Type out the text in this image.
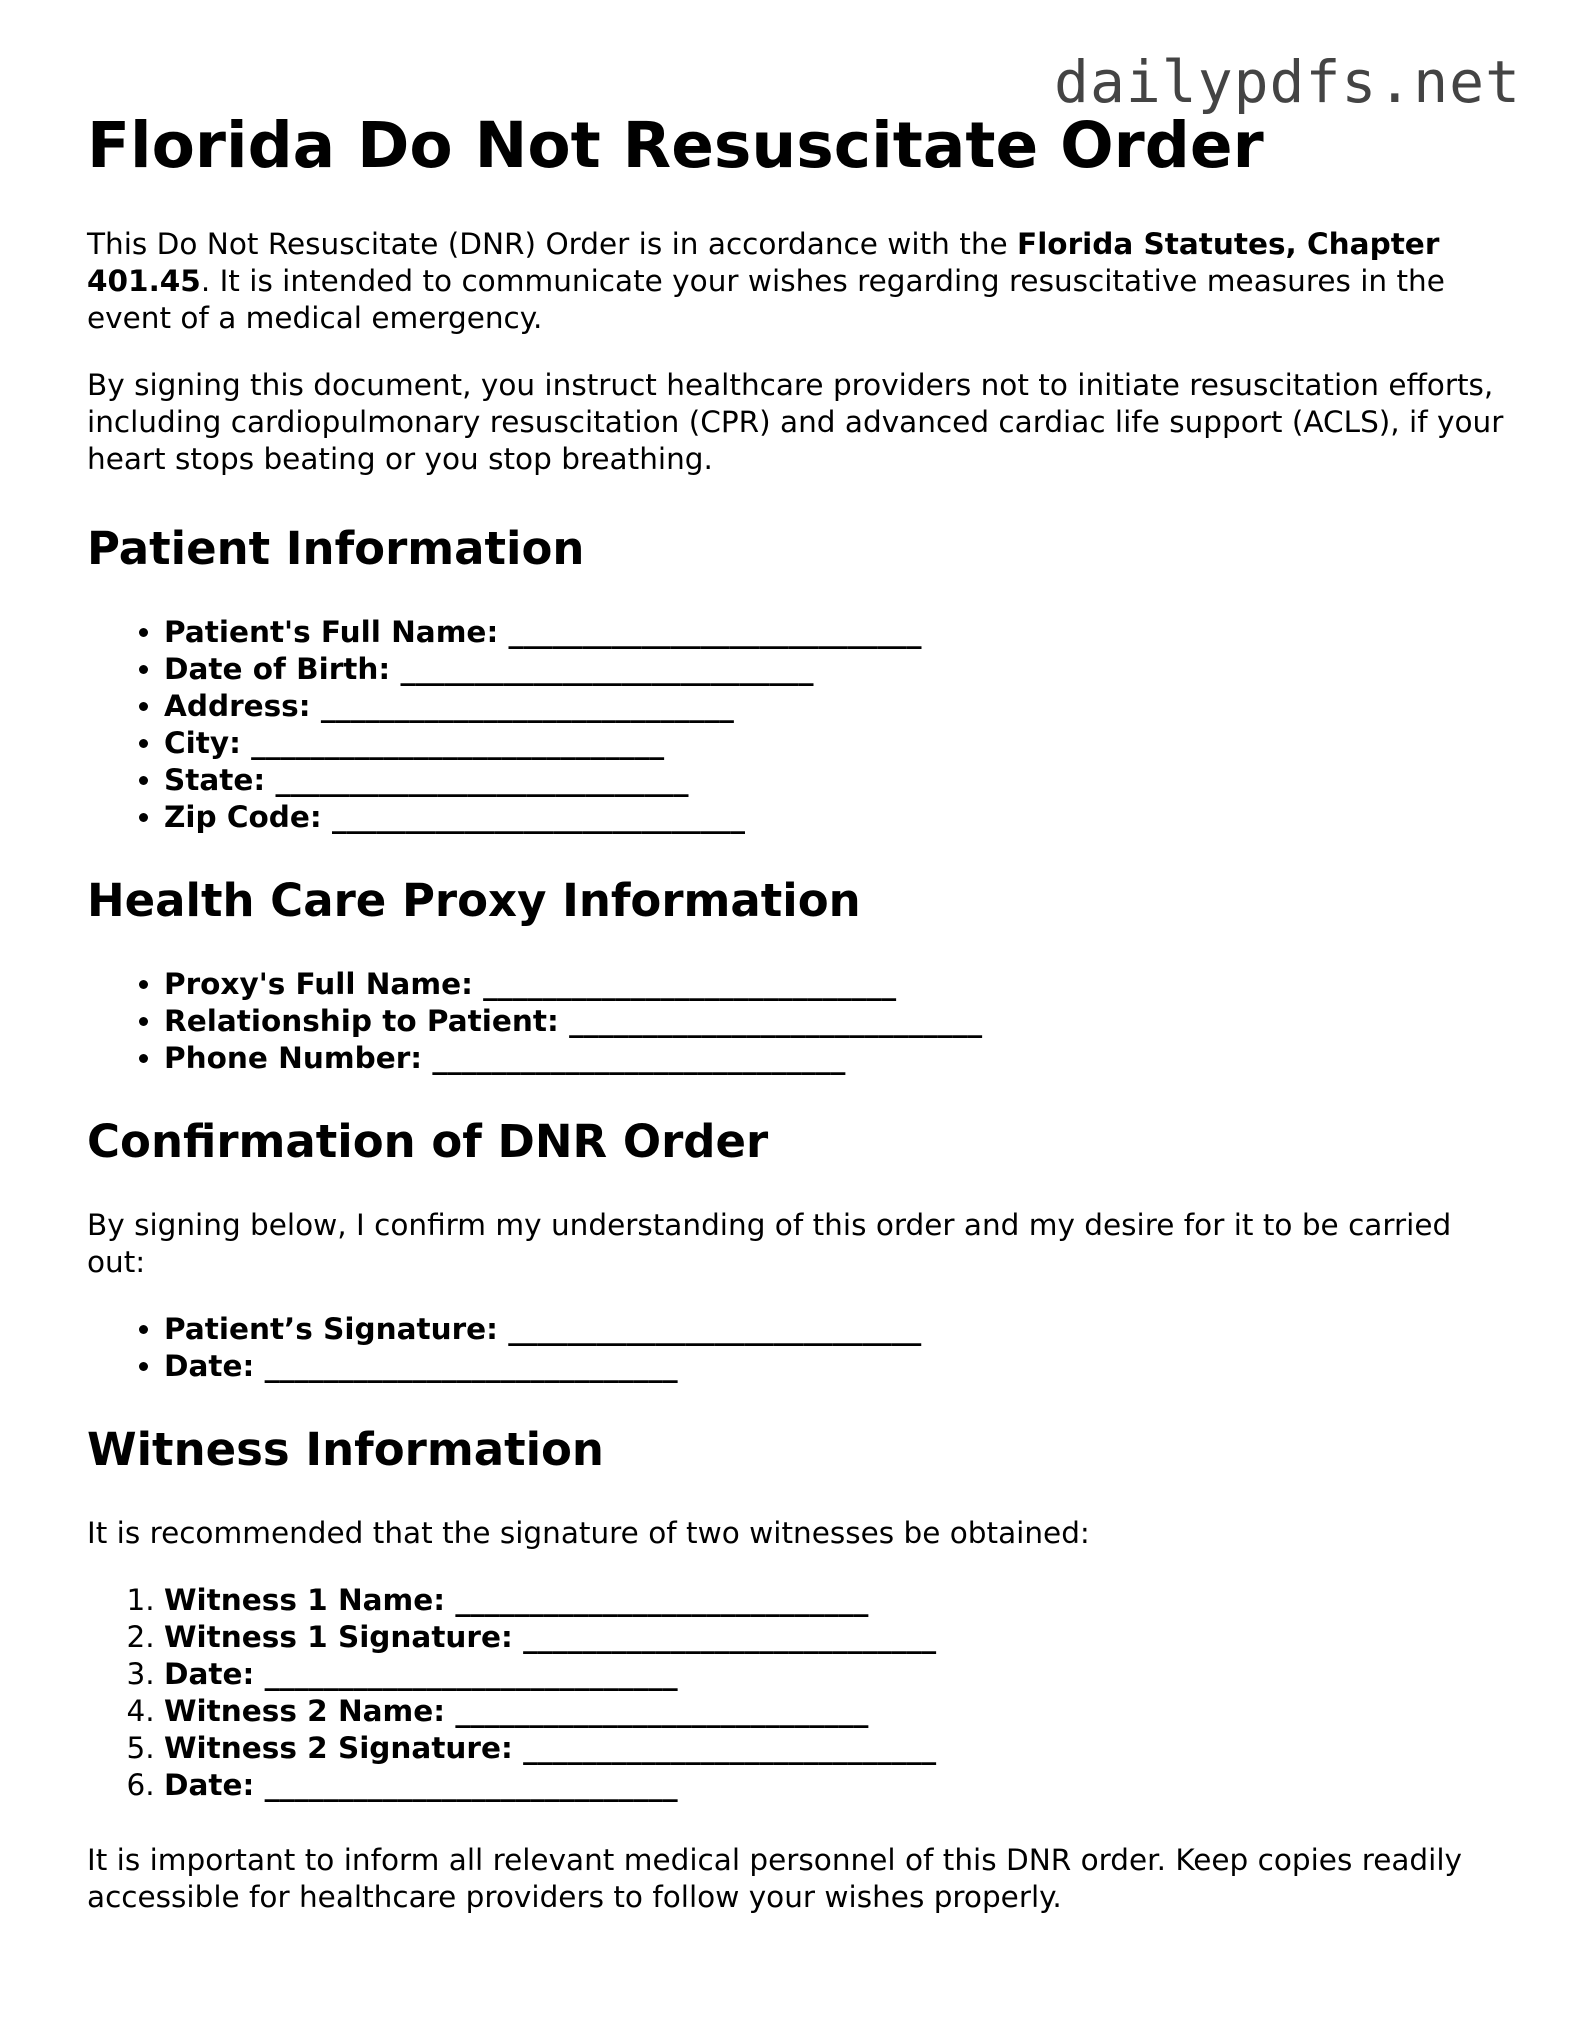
dailypdfs.net
Florida Do Not Resuscitate Order

This Do Not Resuscitate (DNR) Order is in accordance with the Florida Statutes, Chapter 401.45. It is intended to communicate your wishes regarding resuscitative measures in the event of a medical emergency.

By signing this document, you instruct healthcare providers not to initiate resuscitation efforts, including cardiopulmonary resuscitation (CPR) and advanced cardiac life support (ACLS), if your heart stops beating or you stop breathing.

Patient Information
• Patient's Full Name: ____________________________
• Date of Birth: ____________________________
• Address: ____________________________
• City: ____________________________
• State: ____________________________
• Zip Code: ____________________________
Health Care Proxy Information
• Proxy's Full Name: ____________________________
• Relationship to Patient: ____________________________
• Phone Number: ____________________________
Confirmation of DNR Order

By signing below, I confirm my understanding of this order and my desire for it to be carried out:

• Patient’s Signature: ____________________________
• Date: ____________________________
Witness Information

It is recommended that the signature of two witnesses be obtained:

1. Witness 1 Name: ____________________________
2. Witness 1 Signature: ____________________________
3. Date: ____________________________
4. Witness 2 Name: ____________________________
5. Witness 2 Signature: ____________________________
6. Date: ____________________________

It is important to inform all relevant medical personnel of this DNR order. Keep copies readily accessible for healthcare providers to follow your wishes properly.
